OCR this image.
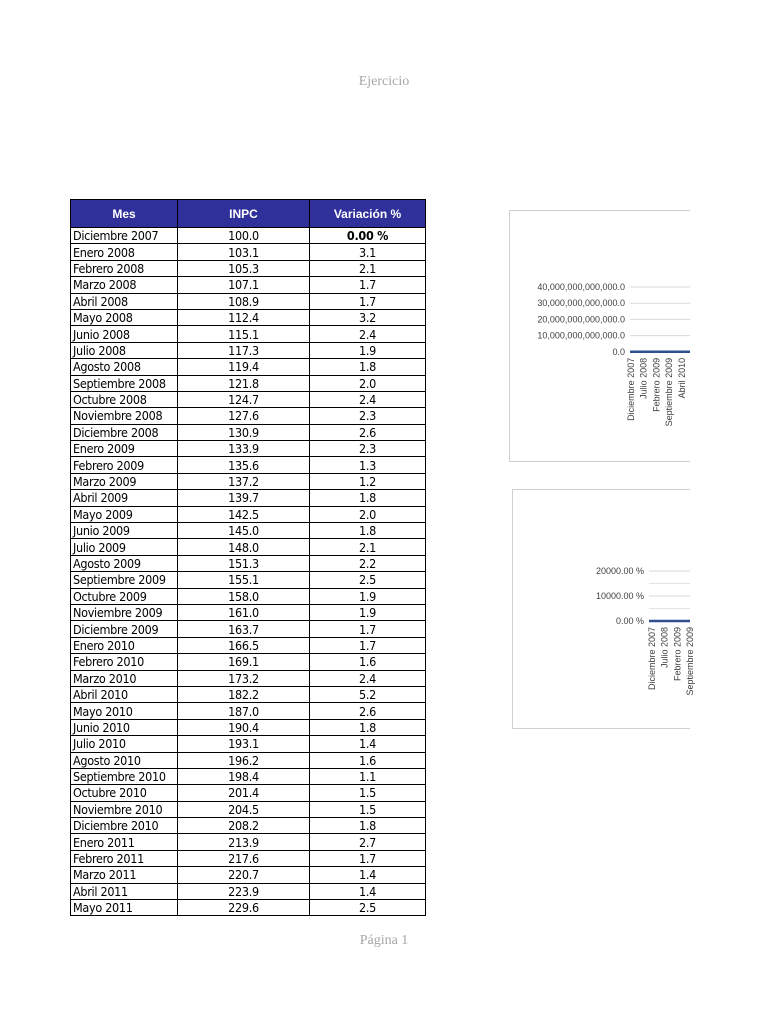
Ejercicio
Mes	INPC	Variación %
Diciembre 2007	100.0	0.00 %
Enero 2008	103.1	3.1
Febrero 2008	105.3	2.1
Marzo 2008	107.1	1.7
Abril 2008	108.9	1.7
Mayo 2008	112.4	3.2
Junio 2008	115.1	2.4
Julio 2008	117.3	1.9
Agosto 2008	119.4	1.8
Septiembre 2008	121.8	2.0
Octubre 2008	124.7	2.4
Noviembre 2008	127.6	2.3
Diciembre 2008	130.9	2.6
Enero 2009	133.9	2.3
Febrero 2009	135.6	1.3
Marzo 2009	137.2	1.2
Abril 2009	139.7	1.8
Mayo 2009	142.5	2.0
Junio 2009	145.0	1.8
Julio 2009	148.0	2.1
Agosto 2009	151.3	2.2
Septiembre 2009	155.1	2.5
Octubre 2009	158.0	1.9
Noviembre 2009	161.0	1.9
Diciembre 2009	163.7	1.7
Enero 2010	166.5	1.7
Febrero 2010	169.1	1.6
Marzo 2010	173.2	2.4
Abril 2010	182.2	5.2
Mayo 2010	187.0	2.6
Junio 2010	190.4	1.8
Julio 2010	193.1	1.4
Agosto 2010	196.2	1.6
Septiembre 2010	198.4	1.1
Octubre 2010	201.4	1.5
Noviembre 2010	204.5	1.5
Diciembre 2010	208.2	1.8
Enero 2011	213.9	2.7
Febrero 2011	217.6	1.7
Marzo 2011	220.7	1.4
Abril 2011	223.9	1.4
Mayo 2011	229.6	2.5
40,000,000,000,000.0
30,000,000,000,000.0
20,000,000,000,000.0
10,000,000,000,000.0
0.0
Diciembre 2007 Julio 2008 Febrero 2009 Septiembre 2009 Abril 2010
20000.00 %
10000.00 %
0.00 %
Diciembre 2007 Julio 2008 Febrero 2009 Septiembre 2009
Página 1
